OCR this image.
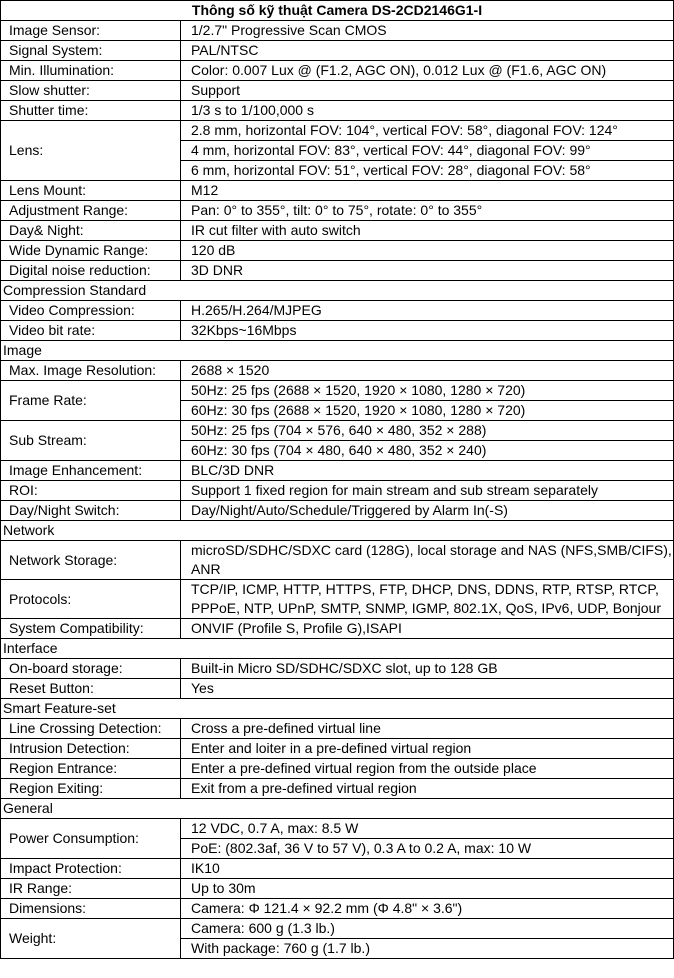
Thông số kỹ thuật Camera DS-2CD2146G1-I	
Image Sensor:	1/2.7" Progressive Scan CMOS
Signal System:	PAL/NTSC
Min. Illumination:	Color: 0.007 Lux @ (F1.2, AGC ON), 0.012 Lux @ (F1.6, AGC ON)
Slow shutter:	Support
Shutter time:	1/3 s to 1/100,000 s
Lens:	2.8 mm, horizontal FOV: 104°, vertical FOV: 58°, diagonal FOV: 124°
	4 mm, horizontal FOV: 83°, vertical FOV: 44°, diagonal FOV: 99°
	6 mm, horizontal FOV: 51°, vertical FOV: 28°, diagonal FOV: 58°
Lens Mount:	M12
Adjustment Range:	Pan: 0° to 355°, tilt: 0° to 75°, rotate: 0° to 355°
Day& Night:	IR cut filter with auto switch
Wide Dynamic Range:	120 dB
Digital noise reduction:	3D DNR
Compression Standard	
Video Compression:	H.265/H.264/MJPEG
Video bit rate:	32Kbps~16Mbps
Image	
Max. Image Resolution:	2688 × 1520
Frame Rate:	50Hz: 25 fps (2688 × 1520, 1920 × 1080, 1280 × 720)
	60Hz: 30 fps (2688 × 1520, 1920 × 1080, 1280 × 720)
Sub Stream:	50Hz: 25 fps (704 × 576, 640 × 480, 352 × 288)
	60Hz: 30 fps (704 × 480, 640 × 480, 352 × 240)
Image Enhancement:	BLC/3D DNR
ROI:	Support 1 fixed region for main stream and sub stream separately
Day/Night Switch:	Day/Night/Auto/Schedule/Triggered by Alarm In(-S)
Network	
Network Storage:	microSD/SDHC/SDXC card (128G), local storage and NAS (NFS,SMB/CIFS), ANR
Protocols:	TCP/IP, ICMP, HTTP, HTTPS, FTP, DHCP, DNS, DDNS, RTP, RTSP, RTCP, PPPoE, NTP, UPnP, SMTP, SNMP, IGMP, 802.1X, QoS, IPv6, UDP, Bonjour
System Compatibility:	ONVIF (Profile S, Profile G),ISAPI
Interface	
On-board storage:	Built-in Micro SD/SDHC/SDXC slot, up to 128 GB
Reset Button:	Yes
Smart Feature-set	
Line Crossing Detection:	Cross a pre-defined virtual line
Intrusion Detection:	Enter and loiter in a pre-defined virtual region
Region Entrance:	Enter a pre-defined virtual region from the outside place
Region Exiting:	Exit from a pre-defined virtual region
General	
Power Consumption:	12 VDC, 0.7 A, max: 8.5 W
	PoE: (802.3af, 36 V to 57 V), 0.3 A to 0.2 A, max: 10 W
Impact Protection:	IK10
IR Range:	Up to 30m
Dimensions:	Camera: Φ 121.4 × 92.2 mm (Φ 4.8" × 3.6")
Weight:	Camera: 600 g (1.3 lb.)
	With package: 760 g (1.7 lb.)
